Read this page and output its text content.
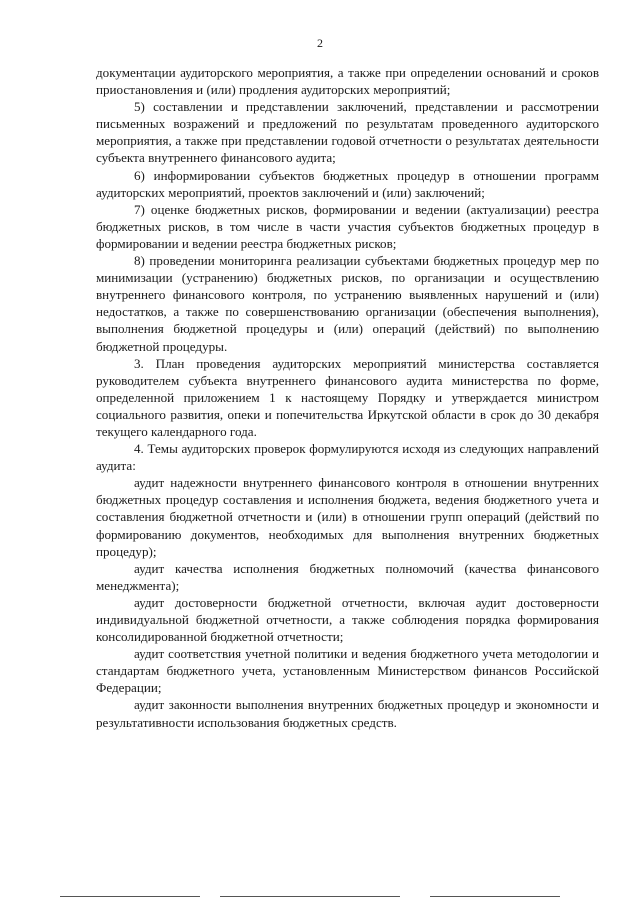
2

документации аудиторского мероприятия, а также при определении оснований и сроков приостановления и (или) продления аудиторских мероприятий;

5) составлении и представлении заключений, представлении и рассмотрении письменных возражений и предложений по результатам проведенного аудиторского мероприятия, а также при представлении годовой отчетности о результатах деятельности субъекта внутреннего финансового аудита;

6) информировании субъектов бюджетных процедур в отношении программ аудиторских мероприятий, проектов заключений и (или) заключений;

7) оценке бюджетных рисков, формировании и ведении (актуализации) реестра бюджетных рисков, в том числе в части участия субъектов бюджетных процедур в формировании и ведении реестра бюджетных рисков;

8) проведении мониторинга реализации субъектами бюджетных процедур мер по минимизации (устранению) бюджетных рисков, по организации и осуществлению внутреннего финансового контроля, по устранению выявленных нарушений и (или) недостатков, а также по совершенствованию организации (обеспечения выполнения), выполнения бюджетной процедуры и (или) операций (действий) по выполнению бюджетной процедуры.

3. План проведения аудиторских мероприятий министерства составляется руководителем субъекта внутреннего финансового аудита министерства по форме, определенной приложением 1 к настоящему Порядку и утверждается министром социального развития, опеки и попечительства Иркутской области в срок до 30 декабря текущего календарного года.

4. Темы аудиторских проверок формулируются исходя из следующих направлений аудита:

аудит надежности внутреннего финансового контроля в отношении внутренних бюджетных процедур составления и исполнения бюджета, ведения бюджетного учета и составления бюджетной отчетности и (или) в отношении групп операций (действий по формированию документов, необходимых для выполнения внутренних бюджетных процедур);

аудит качества исполнения бюджетных полномочий (качества финансового менеджмента);

аудит достоверности бюджетной отчетности, включая аудит достоверности индивидуальной бюджетной отчетности, а также соблюдения порядка формирования консолидированной бюджетной отчетности;

аудит соответствия учетной политики и ведения бюджетного учета методологии и стандартам бюджетного учета, установленным Министерством финансов Российской Федерации;

аудит законности выполнения внутренних бюджетных процедур и экономности и результативности использования бюджетных средств.
